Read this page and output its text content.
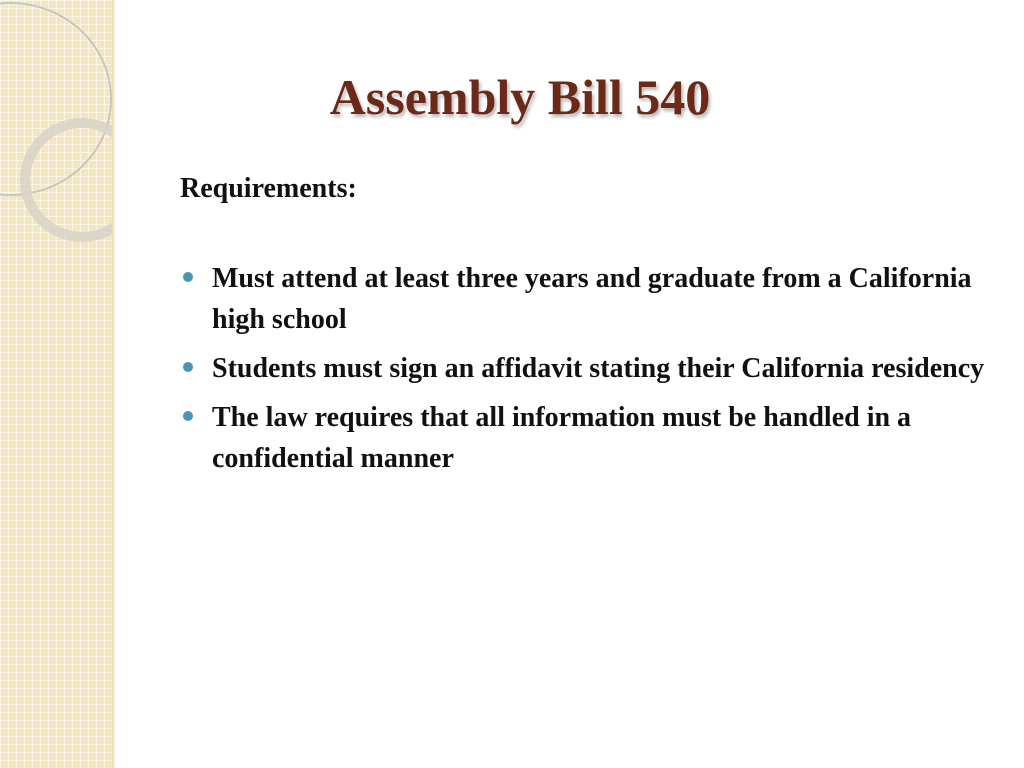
Assembly Bill 540

Requirements:

Must attend at least three years and graduate from a California high school
Students must sign an affidavit stating their California residency
The law requires that all information must be handled in a confidential manner
